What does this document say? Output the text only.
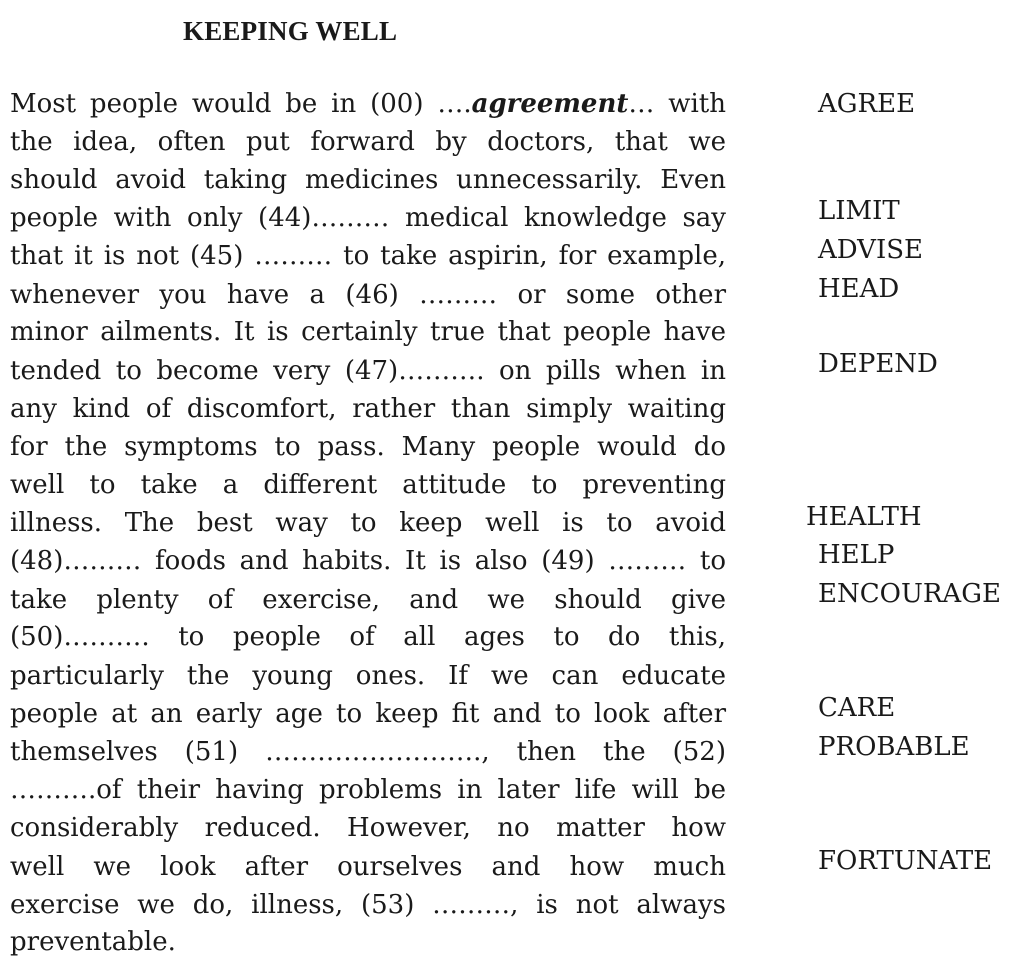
KEEPING WELL
Most people would be in (00) ….agreement… with
the idea, often put forward by doctors, that we
should avoid taking medicines unnecessarily. Even
people with only (44)……… medical knowledge say
that it is not (45) ……… to take aspirin, for example,
whenever you have a (46) ……… or some other
minor ailments. It is certainly true that people have
tended to become very (47)………. on pills when in
any kind of discomfort, rather than simply waiting
for the symptoms to pass. Many people would do
well to take a different attitude to preventing
illness. The best way to keep well is to avoid
(48)……… foods and habits. It is also (49) ……… to
take plenty of exercise, and we should give
(50)………. to people of all ages to do this,
particularly the young ones. If we can educate
people at an early age to keep fit and to look after
themselves (51) ……………………., then the (52)
……….of their having problems in later life will be
considerably reduced. However, no matter how
well we look after ourselves and how much
exercise we do, illness, (53) ………, is not always
preventable.
AGREE
LIMIT
ADVISE
HEAD
DEPEND
HEALTH
HELP
ENCOURAGE
CARE
PROBABLE
FORTUNATE
